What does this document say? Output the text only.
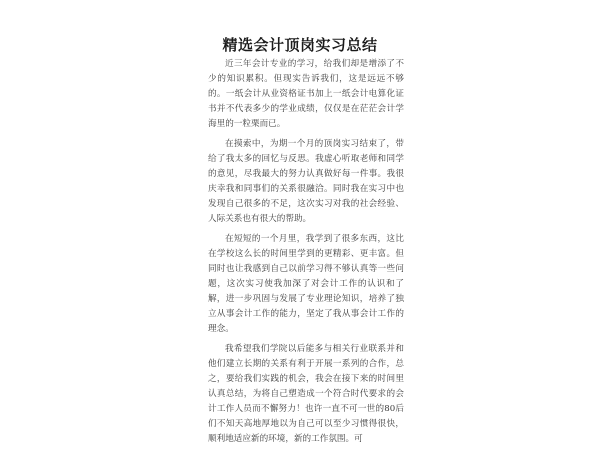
精选会计顶岗实习总结

近三年会计专业的学习，给我们却是增添了不少的知识累积。但现实告诉我们，这是远远不够的。一纸会计从业资格证书加上一纸会计电算化证书并不代表多少的学业成绩，仅仅是在茫茫会计学海里的一粒栗而已。

在摸索中，为期一个月的顶岗实习结束了，带给了我太多的回忆与反思。我虚心听取老师和同学的意见，尽我最大的努力认真做好每一件事。我很庆幸我和同事们的关系很融洽。同时我在实习中也发现自己很多的不足，这次实习对我的社会经验、人际关系也有很大的帮助。

在短短的一个月里，我学到了很多东西，这比在学校这么长的时间里学到的更精彩、更丰富。但同时也让我感到自己以前学习得不够认真等一些问题，这次实习使我加深了对会计工作的认识和了解，进一步巩固与发展了专业理论知识，培养了独立从事会计工作的能力，坚定了我从事会计工作的理念。

我希望我们学院以后能多与相关行业联系并和他们建立长期的关系有利于开展一系列的合作，总之，要给我们实践的机会，我会在接下来的时间里认真总结，为将自己塑造成一个符合时代要求的会计工作人员而不懈努力！也许一直不可一世的80后们不知天高地厚地以为自己可以至少习惯得很快，顺利地适应新的环境，新的工作氛围。可
